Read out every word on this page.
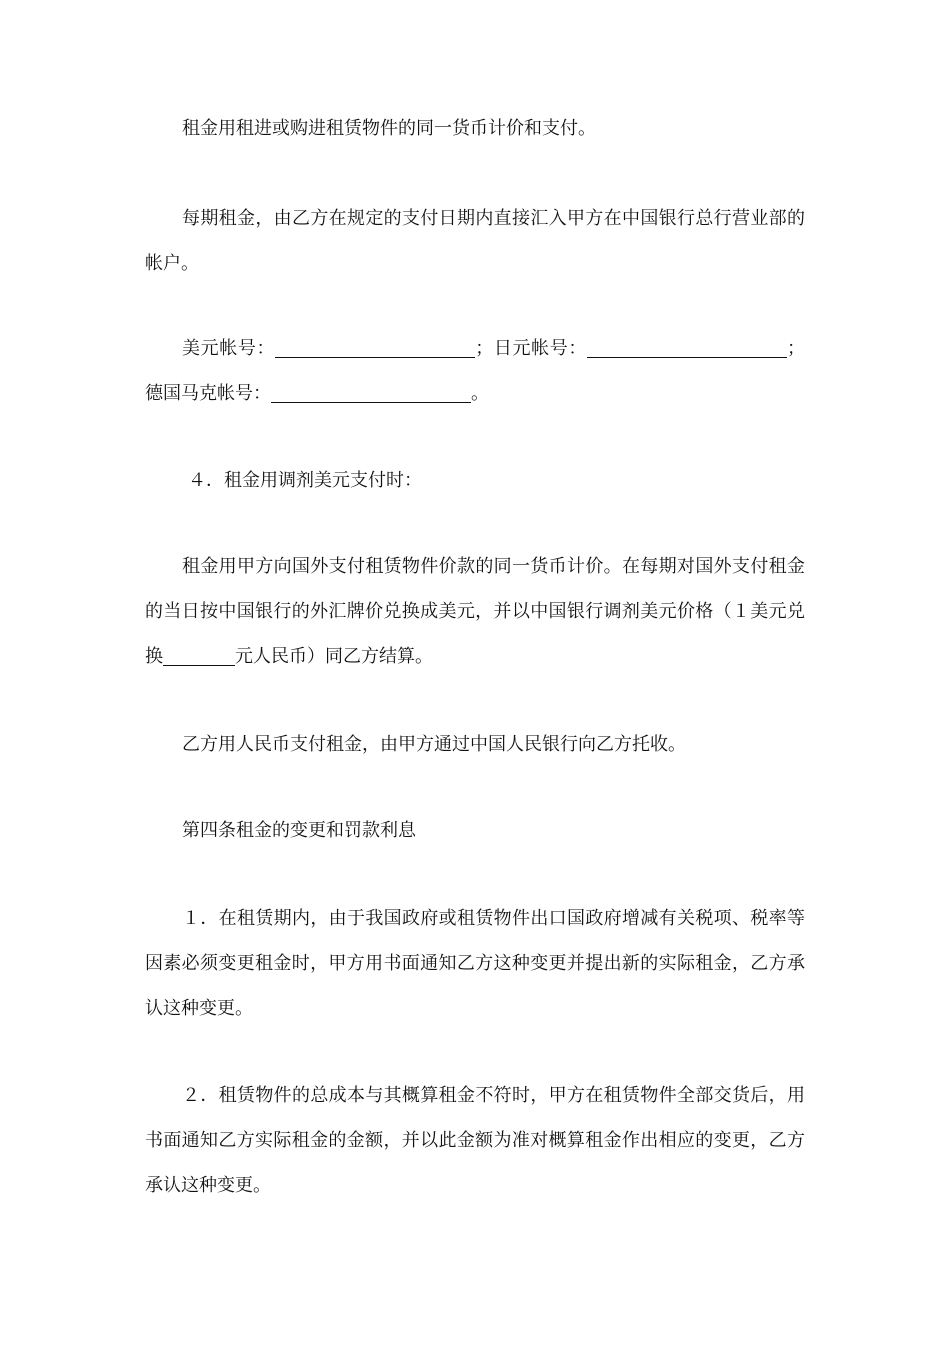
租金用租进或购进租赁物件的同一货币计价和支付。

每期租金，由乙方在规定的支付日期内直接汇入甲方在中国银行总行营业部的帐户。

美元帐号：	；日元帐号：	；德国马克帐号：	。

４．租金用调剂美元支付时：

租金用甲方向国外支付租赁物件价款的同一货币计价。在每期对国外支付租金的当日按中国银行的外汇牌价兑换成美元，并以中国银行调剂美元价格（１美元兑换	元人民币）同乙方结算。

乙方用人民币支付租金，由甲方通过中国人民银行向乙方托收。

第四条租金的变更和罚款利息

１．在租赁期内，由于我国政府或租赁物件出口国政府增减有关税项、税率等因素必须变更租金时，甲方用书面通知乙方这种变更并提出新的实际租金，乙方承认这种变更。

２．租赁物件的总成本与其概算租金不符时，甲方在租赁物件全部交货后，用书面通知乙方实际租金的金额，并以此金额为准对概算租金作出相应的变更，乙方承认这种变更。
